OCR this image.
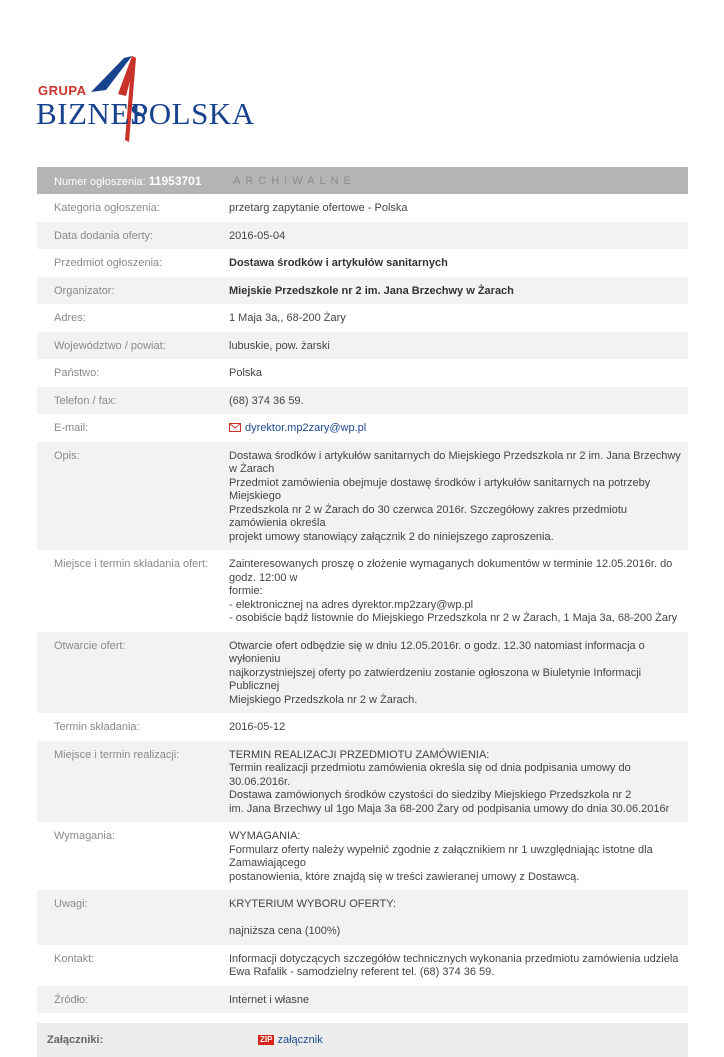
GRUPA
BIZNES
POLSKA
Numer ogłoszenia: 11953701	ARCHIWALNE
Kategoria ogłoszenia:	przetarg zapytanie ofertowe - Polska
Data dodania oferty:	2016-05-04
Przedmiot ogłoszenia:	Dostawa środków i artykułów sanitarnych
Organizator:	Miejskie Przedszkole nr 2 im. Jana Brzechwy w Żarach
Adres:	1 Maja 3a,, 68-200 Żary
Województwo / powiat:	lubuskie, pow. żarski
Państwo:	Polska
Telefon / fax:	(68) 374 36 59.
E-mail:	dyrektor.mp2zary@wp.pl
Opis:	Dostawa środków i artykułów sanitarnych do Miejskiego Przedszkola nr 2 im. Jana Brzechwy w Żarach
Przedmiot zamówienia obejmuje dostawę środków i artykułów sanitarnych na potrzeby Miejskiego
Przedszkola nr 2 w Żarach do 30 czerwca 2016r. Szczegółowy zakres przedmiotu zamówienia określa
projekt umowy stanowiący załącznik 2 do niniejszego zaproszenia.
Miejsce i termin składania ofert:	Zainteresowanych proszę o złożenie wymaganych dokumentów w terminie 12.05.2016r. do godz. 12:00 w
formie:
- elektronicznej na adres dyrektor.mp2zary@wp.pl
- osobiście bądź listownie do Miejskiego Przedszkola nr 2 w Żarach, 1 Maja 3a, 68-200 Żary
Otwarcie ofert:	Otwarcie ofert odbędzie się w dniu 12.05.2016r. o godz. 12.30 natomiast informacja o wyłonieniu
najkorzystniejszej oferty po zatwierdzeniu zostanie ogłoszona w Biuletynie Informacji Publicznej
Miejskiego Przedszkola nr 2 w Żarach.
Termin składania:	2016-05-12
Miejsce i termin realizacji:	TERMIN REALIZACJI PRZEDMIOTU ZAMÓWIENIA:
Termin realizacji przedmiotu zamówienia określa się od dnia podpisania umowy do 30.06.2016r.
Dostawa zamówionych środków czystości do siedziby Miejskiego Przedszkola nr 2
im. Jana Brzechwy ul 1go Maja 3a 68-200 Żary od podpisania umowy do dnia 30.06.2016r
Wymagania:	WYMAGANIA:
Formularz oferty należy wypełnić zgodnie z załącznikiem nr 1 uwzględniając istotne dla Zamawiającego
postanowienia, które znajdą się w treści zawieranej umowy z Dostawcą.
Uwagi:	KRYTERIUM WYBORU OFERTY:

najniższa cena (100%)
Kontakt:	Informacji dotyczących szczegółów technicznych wykonania przedmiotu zamówienia udziela
Ewa Rafalik - samodzielny referent tel. (68) 374 36 59.
Źródło:	Internet i własne
Załączniki:	ZIP załącznik
